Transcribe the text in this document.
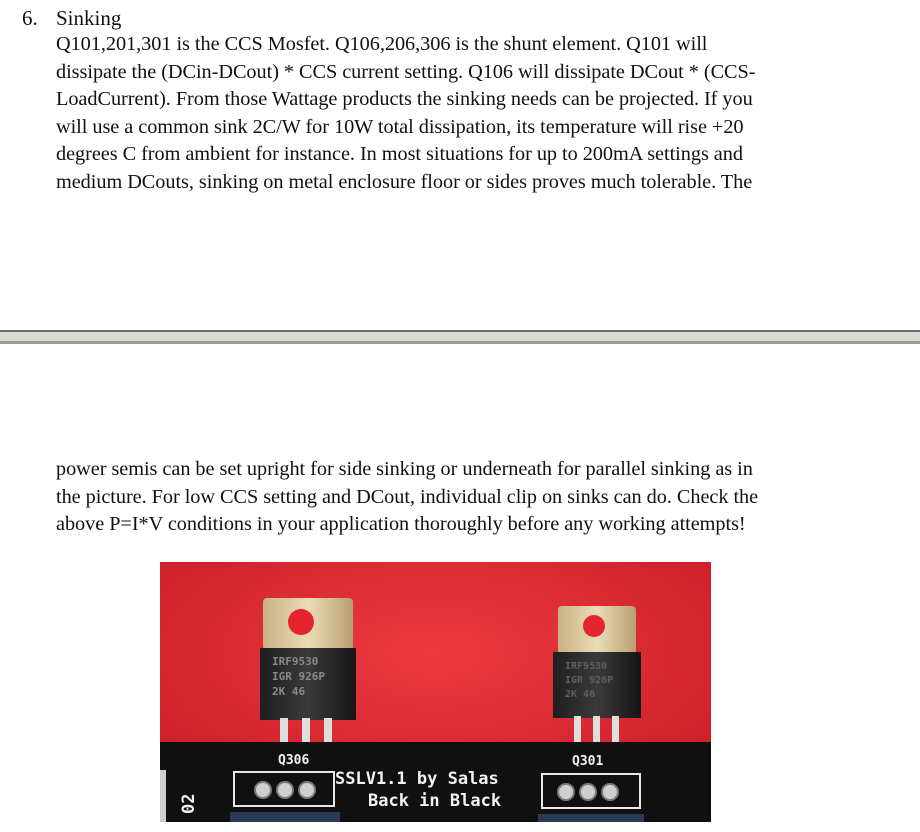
6. Sinking

Q101,201,301 is the CCS Mosfet. Q106,206,306 is the shunt element. Q101 will
dissipate the (DCin-DCout) * CCS current setting. Q106 will dissipate DCout * (CCS-
LoadCurrent). From those Wattage products the sinking needs can be projected. If you
will use a common sink 2C/W for 10W total dissipation, its temperature will rise +20
degrees C from ambient for instance. In most situations for up to 200mA settings and
medium DCouts, sinking on metal enclosure floor or sides proves much tolerable. The

power semis can be set upright for side sinking or underneath for parallel sinking as in
the picture. For low CCS setting and DCout, individual clip on sinks can do. Check the
above P=I*V conditions in your application thoroughly before any working attempts!

IRF9530
IGR 926P
2K 46
IRF9530
IGR 926P
2K 46
Q306	Q301
SSLV1.1 by Salas
Back in Black
02
